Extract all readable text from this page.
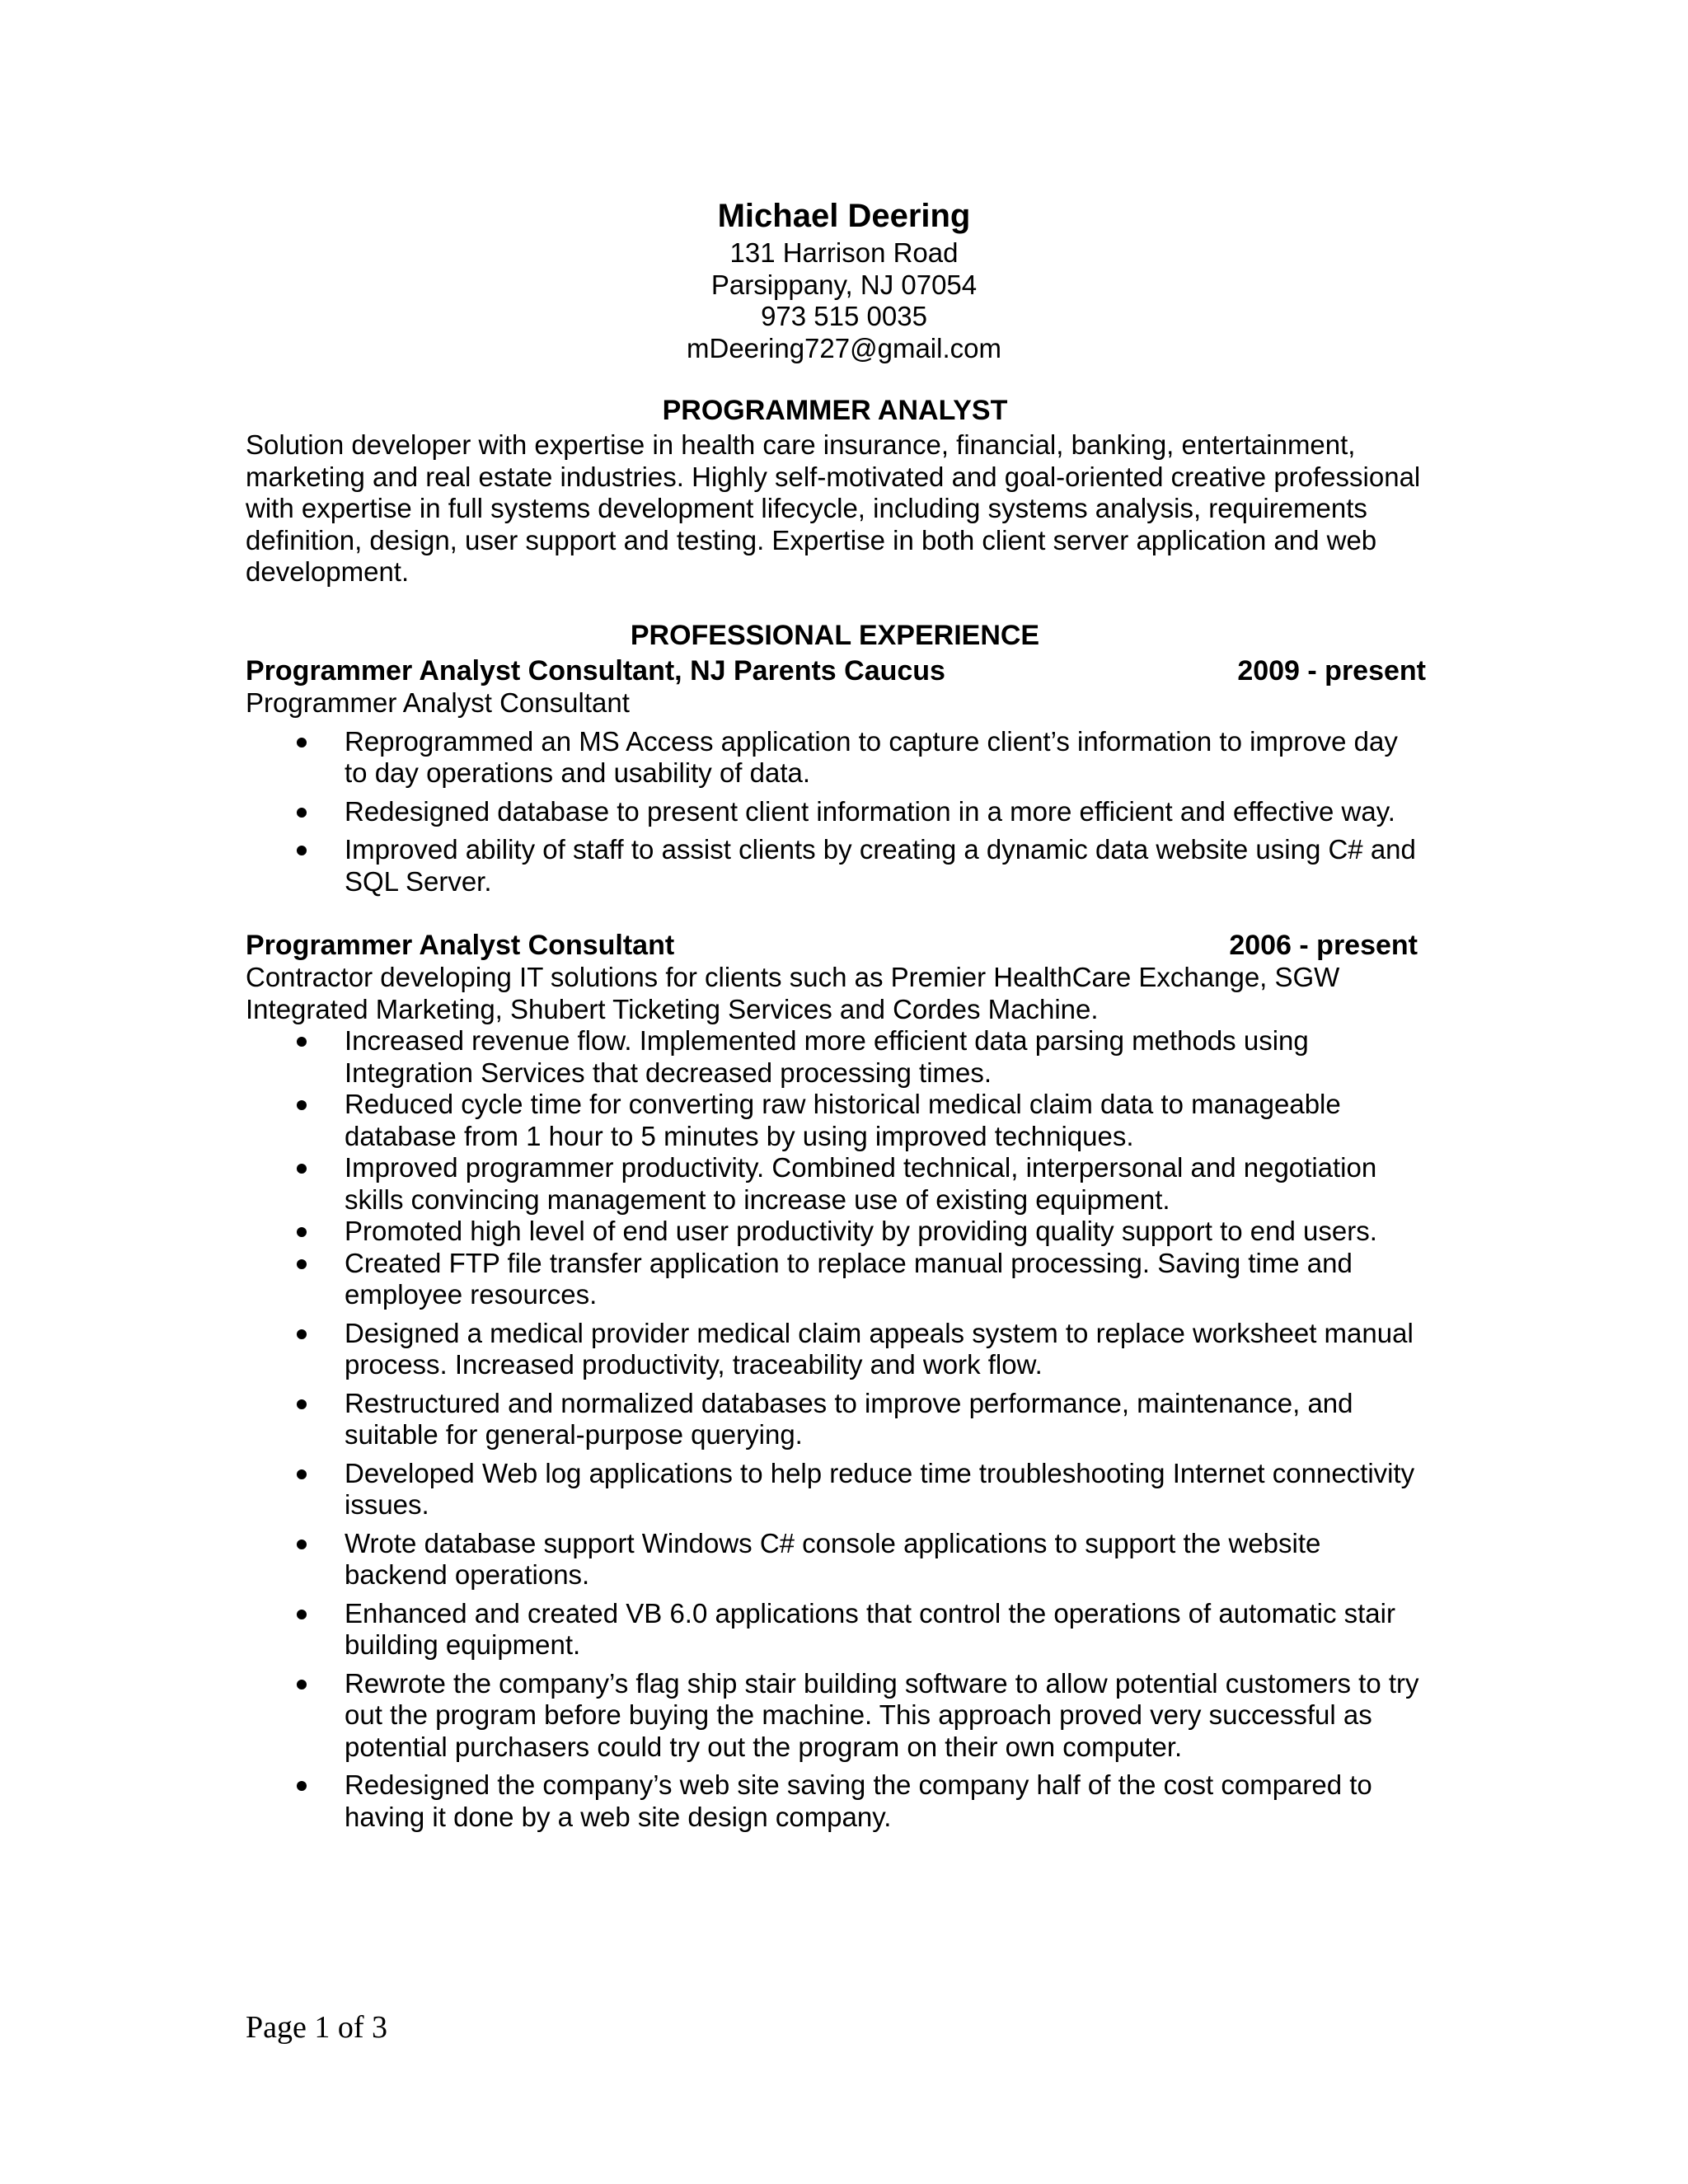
Michael Deering
131 Harrison Road
Parsippany, NJ 07054
973 515 0035
mDeering727@gmail.com
PROGRAMMER ANALYST

Solution developer with expertise in health care insurance, financial, banking, entertainment, marketing and real estate industries. Highly self-motivated and goal-oriented creative professional with expertise in full systems development lifecycle, including systems analysis, requirements definition, design, user support and testing. Expertise in both client server application and web development.

PROFESSIONAL EXPERIENCE
Programmer Analyst Consultant, NJ Parents Caucus	2009 - present
Programmer Analyst Consultant
Reprogrammed an MS Access application to capture client’s information to improve day to day operations and usability of data.
Redesigned database to present client information in a more efficient and effective way.
Improved ability of staff to assist clients by creating a dynamic data website using C# and SQL Server.
Programmer Analyst Consultant	2006 - present
Contractor developing IT solutions for clients such as Premier HealthCare Exchange, SGW Integrated Marketing, Shubert Ticketing Services and Cordes Machine.
Increased revenue flow. Implemented more efficient data parsing methods using Integration Services that decreased processing times.
Reduced cycle time for converting raw historical medical claim data to manageable database from 1 hour to 5 minutes by using improved techniques.
Improved programmer productivity. Combined technical, interpersonal and negotiation skills convincing management to increase use of existing equipment.
Promoted high level of end user productivity by providing quality support to end users.
Created FTP file transfer application to replace manual processing. Saving time and employee resources.
Designed a medical provider medical claim appeals system to replace worksheet manual process. Increased productivity, traceability and work flow.
Restructured and normalized databases to improve performance, maintenance, and suitable for general-purpose querying.
Developed Web log applications to help reduce time troubleshooting Internet connectivity issues.
Wrote database support Windows C# console applications to support the website backend operations.
Enhanced and created VB 6.0 applications that control the operations of automatic stair building equipment.
Rewrote the company’s flag ship stair building software to allow potential customers to try out the program before buying the machine. This approach proved very successful as potential purchasers could try out the program on their own computer.
Redesigned the company’s web site saving the company half of the cost compared to having it done by a web site design company.
Page 1 of 3
